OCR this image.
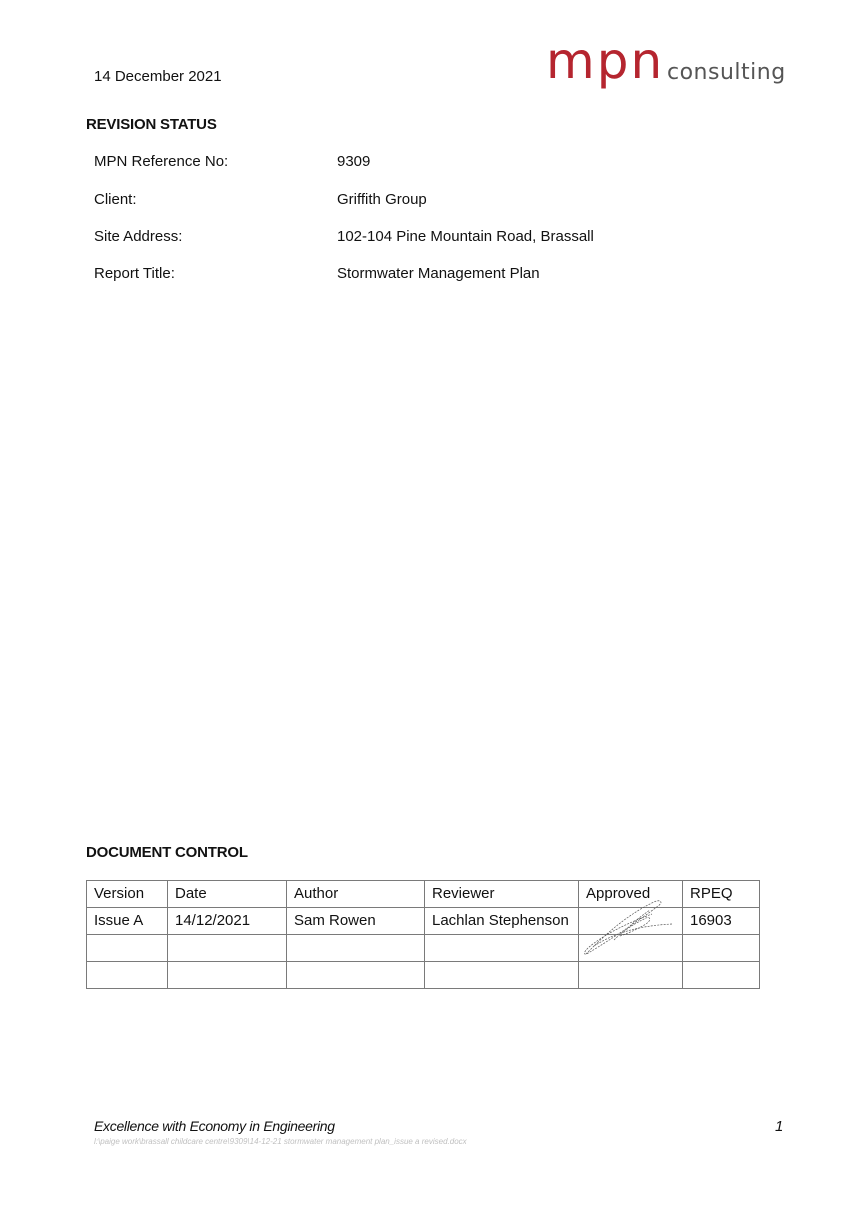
14 December 2021	mpn consulting
REVISION STATUS
MPN Reference No:	9309
Client:	Griffith Group
Site Address:	102-104 Pine Mountain Road, Brassall
Report Title:	Stormwater Management Plan
DOCUMENT CONTROL
Version	Date	Author	Reviewer	Approved	RPEQ
Issue A	14/12/2021	Sam Rowen	Lachlan Stephenson		16903

Excellence with Economy in Engineering
l:\paige work\brassall childcare centre\9309\14-12-21 stormwater management plan_issue a revised.docx
1
